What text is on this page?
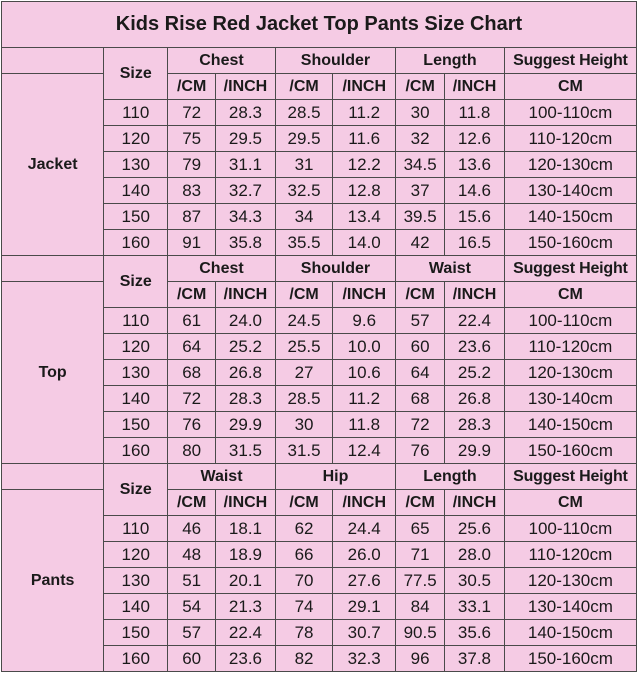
Kids Rise Red Jacket Top Pants Size Chart								
	Size	Chest		Shoulder		Length		Suggest Height
Jacket		/CM	/INCH	/CM	/INCH	/CM	/INCH	CM
	110	72	28.3	28.5	11.2	30	11.8	100-110cm
	120	75	29.5	29.5	11.6	32	12.6	110-120cm
	130	79	31.1	31	12.2	34.5	13.6	120-130cm
	140	83	32.7	32.5	12.8	37	14.6	130-140cm
	150	87	34.3	34	13.4	39.5	15.6	140-150cm
	160	91	35.8	35.5	14.0	42	16.5	150-160cm
	Size	Chest		Shoulder		Waist		Suggest Height
Top		/CM	/INCH	/CM	/INCH	/CM	/INCH	CM
	110	61	24.0	24.5	9.6	57	22.4	100-110cm
	120	64	25.2	25.5	10.0	60	23.6	110-120cm
	130	68	26.8	27	10.6	64	25.2	120-130cm
	140	72	28.3	28.5	11.2	68	26.8	130-140cm
	150	76	29.9	30	11.8	72	28.3	140-150cm
	160	80	31.5	31.5	12.4	76	29.9	150-160cm
	Size	Waist		Hip		Length		Suggest Height
Pants		/CM	/INCH	/CM	/INCH	/CM	/INCH	CM
	110	46	18.1	62	24.4	65	25.6	100-110cm
	120	48	18.9	66	26.0	71	28.0	110-120cm
	130	51	20.1	70	27.6	77.5	30.5	120-130cm
	140	54	21.3	74	29.1	84	33.1	130-140cm
	150	57	22.4	78	30.7	90.5	35.6	140-150cm
	160	60	23.6	82	32.3	96	37.8	150-160cm
